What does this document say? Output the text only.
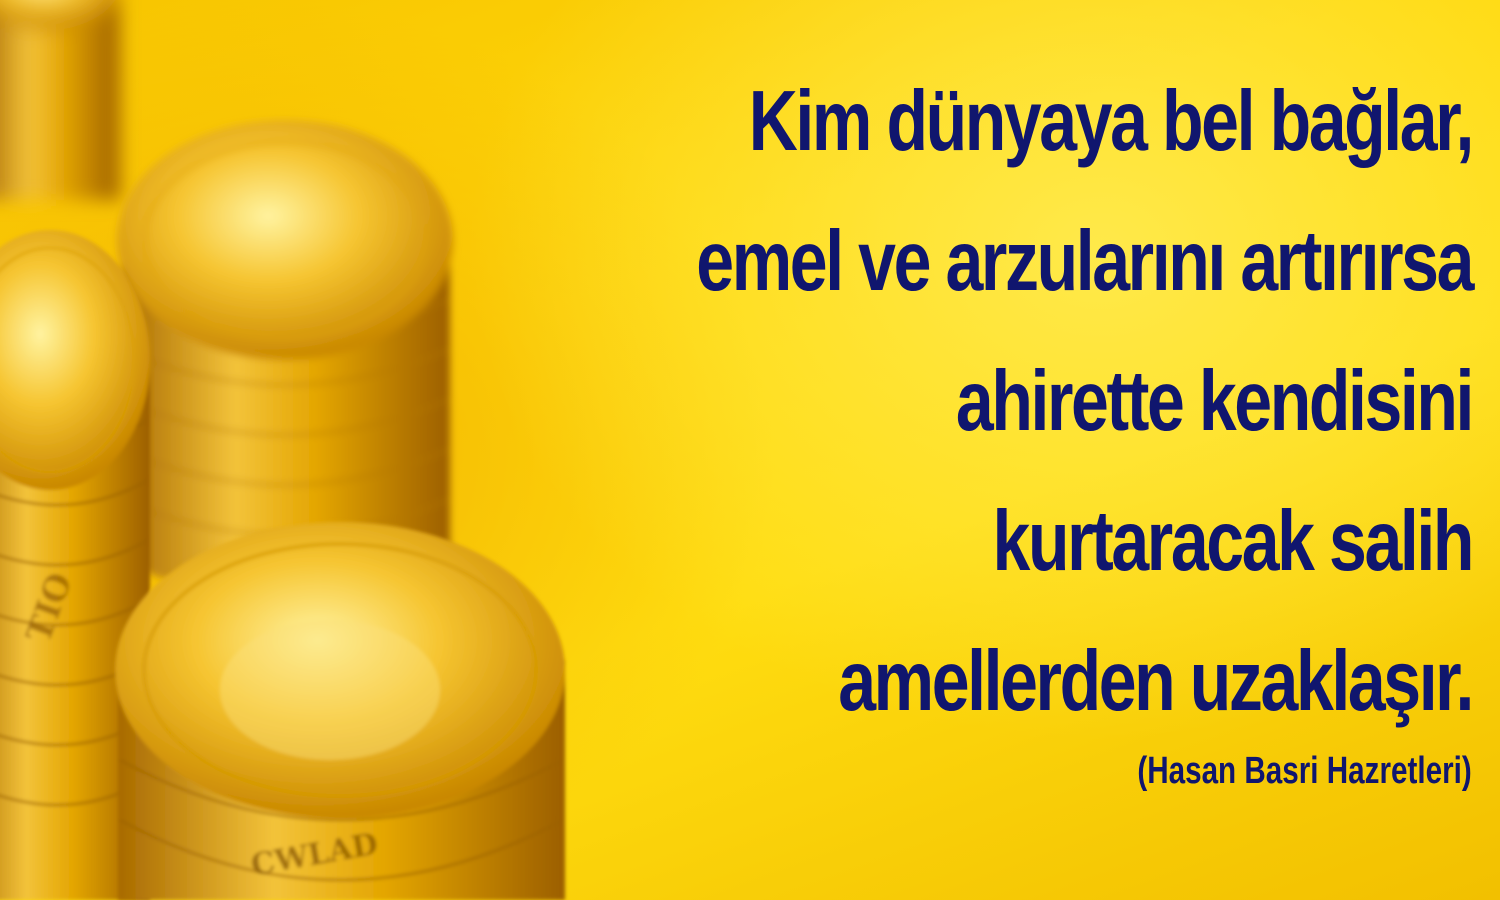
TIO
CWLAD
Kim dünyaya bel bağlar,
emel ve arzularını artırırsa
ahirette kendisini
kurtaracak salih
amellerden uzaklaşır.
(Hasan Basri Hazretleri)
